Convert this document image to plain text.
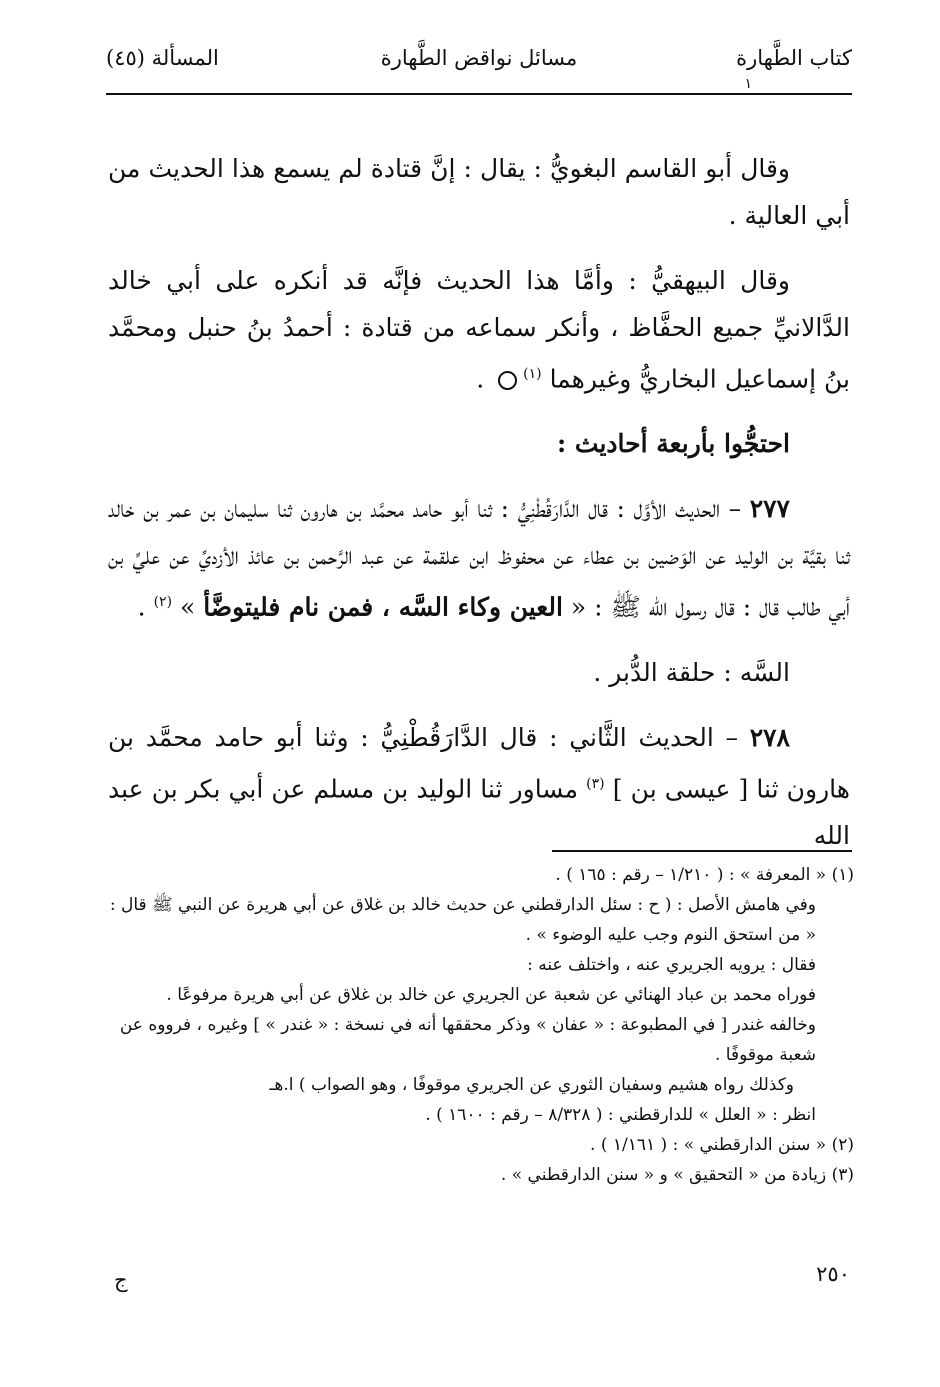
كتاب الطَّهارة
١
مسائل نواقض الطَّهارة
المسألة (٤٥)

وقال أبو القاسم البغويُّ : يقال : إنَّ قتادة لم يسمع هذا الحديث من أبي العالية .

وقال البيهقيُّ : وأمَّا هذا الحديث فإنَّه قد أنكره على أبي خالد الدَّالانيِّ جميع الحفَّاظ ، وأنكر سماعه من قتادة : أحمدُ بنُ حنبل ومحمَّد بنُ إسماعيل البخاريُّ وغيرهما $^{(١)}$ .

احتجُّوا بأربعة أحاديث :

٢٧٧ – الحديث الأوَّل : قال الدَّارَقُطْنِيُّ : ثنا أبو حامد محمَّد بن هارون ثنا سليمان بن عمر بن خالد ثنا بقيَّة بن الوليد عن الوَضين بن عطاء عن محفوظ ابن علقمة عن عبد الرَّحمن بن عائذ الأزديِّ عن عليِّ بن أبي طالب قال : قال رسول الله ﷺ : « العين وكاء السَّه ، فمن نام فليتوضَّأ » $^{(٢)}$ .

السَّه : حلقة الدُّبر .

٢٧٨ – الحديث الثَّاني : قال الدَّارَقُطْنِيُّ : وثنا أبو حامد محمَّد بن هارون ثنا [ عيسى بن ] $^{(٣)}$ مساور ثنا الوليد بن مسلم عن أبي بكر بن عبد الله

(١) « المعرفة » : ( ١/٢١٠ – رقم : ١٦٥ ) .

وفي هامش الأصل : ( ح : سئل الدارقطني عن حديث خالد بن غلاق عن أبي هريرة عن النبي ﷺ قال : « من استحق النوم وجب عليه الوضوء » .

فقال : يرويه الجريري عنه ، واختلف عنه :

فوراه محمد بن عباد الهنائي عن شعبة عن الجريري عن خالد بن غلاق عن أبي هريرة مرفوعًا .

وخالفه غندر [ في المطبوعة : « عفان » وذكر محققها أنه في نسخة : « غندر » ] وغيره ، فرووه عن شعبة موقوفًا .

وكذلك رواه هشيم وسفيان الثوري عن الجريري موقوفًا ، وهو الصواب ) ا.هـ

انظر : « العلل » للدارقطني : ( ٨/٣٢٨ – رقم : ١٦٠٠ ) .

(٢) « سنن الدارقطني » : ( ١/١٦١ ) .

(٣) زيادة من « التحقيق » و « سنن الدارقطني » .

٢٥٠
ج
